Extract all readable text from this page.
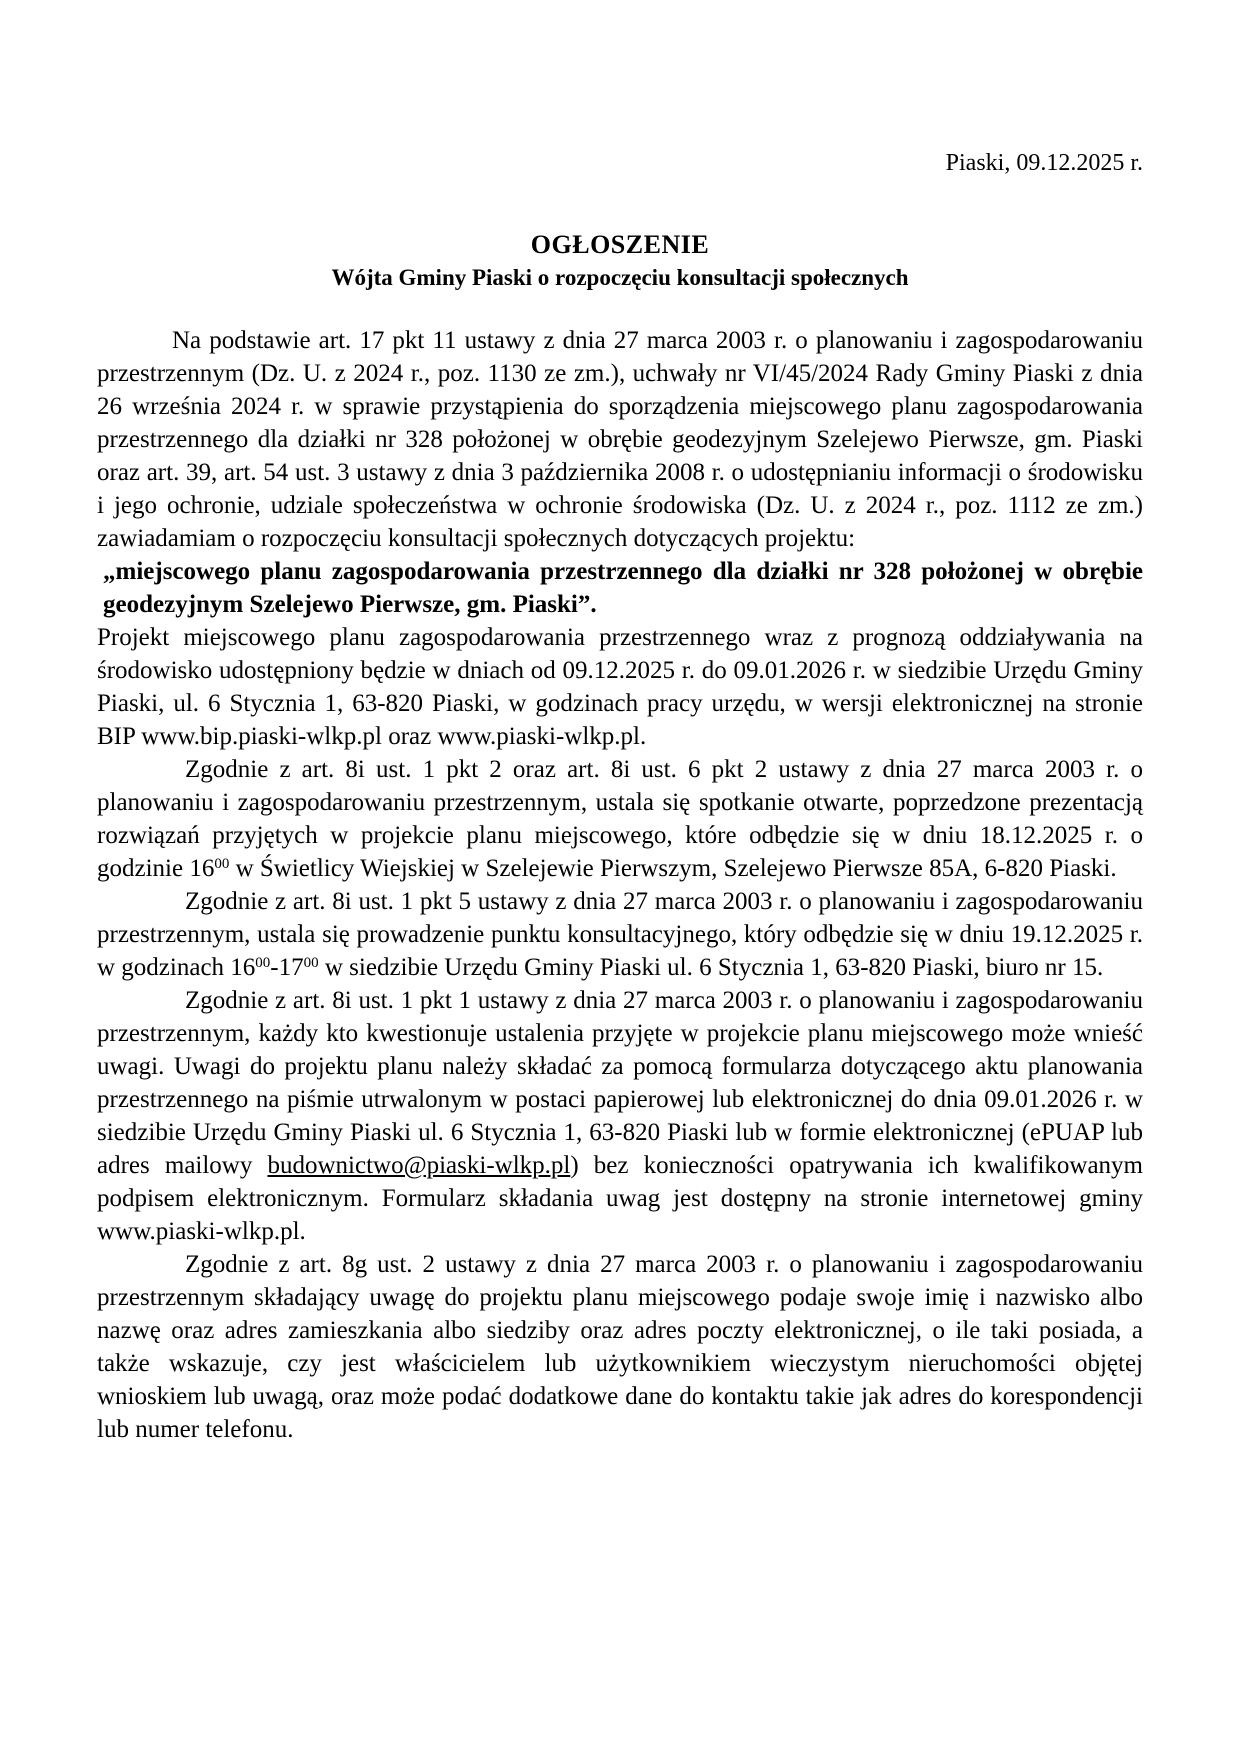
Piaski, 09.12.2025 r.
OGŁOSZENIE
Wójta Gminy Piaski o rozpoczęciu konsultacji społecznych

Na podstawie art. 17 pkt 11 ustawy z dnia 27 marca 2003 r. o planowaniu i zagospodarowaniu przestrzennym (Dz. U. z 2024 r., poz. 1130 ze zm.), uchwały nr VI/45/2024 Rady Gminy Piaski z dnia 26 września 2024 r. w sprawie przystąpienia do sporządzenia miejscowego planu zagospodarowania przestrzennego dla działki nr 328 położonej w obrębie geodezyjnym Szelejewo Pierwsze, gm. Piaski oraz art. 39, art. 54 ust. 3 ustawy z dnia 3 października 2008 r. o udostępnianiu informacji o środowisku i jego ochronie, udziale społeczeństwa w ochronie środowiska (Dz. U. z 2024 r., poz. 1112 ze zm.) zawiadamiam o rozpoczęciu konsultacji społecznych dotyczących projektu:

„miejscowego planu zagospodarowania przestrzennego dla działki nr 328 położonej w obrębie geodezyjnym Szelejewo Pierwsze, gm. Piaski”.

Projekt miejscowego planu zagospodarowania przestrzennego wraz z prognozą oddziaływania na środowisko udostępniony będzie w dniach od 09.12.2025 r. do 09.01.2026 r. w siedzibie Urzędu Gminy Piaski, ul. 6 Stycznia 1, 63-820 Piaski, w godzinach pracy urzędu, w wersji elektronicznej na stronie BIP www.bip.piaski-wlkp.pl oraz www.piaski-wlkp.pl.

Zgodnie z art. 8i ust. 1 pkt 2 oraz art. 8i ust. 6 pkt 2 ustawy z dnia 27 marca 2003 r. o planowaniu i zagospodarowaniu przestrzennym, ustala się spotkanie otwarte, poprzedzone prezentacją rozwiązań przyjętych w projekcie planu miejscowego, które odbędzie się w dniu 18.12.2025 r. o godzinie $16^{00}$ w Świetlicy Wiejskiej w Szelejewie Pierwszym, Szelejewo Pierwsze 85A, 6-820 Piaski.

Zgodnie z art. 8i ust. 1 pkt 5 ustawy z dnia 27 marca 2003 r. o planowaniu i zagospodarowaniu przestrzennym, ustala się prowadzenie punktu konsultacyjnego, który odbędzie się w dniu 19.12.2025 r. w godzinach $16^{00}-17^{00}$ w siedzibie Urzędu Gminy Piaski ul. 6 Stycznia 1, 63-820 Piaski, biuro nr 15.

Zgodnie z art. 8i ust. 1 pkt 1 ustawy z dnia 27 marca 2003 r. o planowaniu i zagospodarowaniu przestrzennym, każdy kto kwestionuje ustalenia przyjęte w projekcie planu miejscowego może wnieść uwagi. Uwagi do projektu planu należy składać za pomocą formularza dotyczącego aktu planowania przestrzennego na piśmie utrwalonym w postaci papierowej lub elektronicznej do dnia 09.01.2026 r. w siedzibie Urzędu Gminy Piaski ul. 6 Stycznia 1, 63-820 Piaski lub w formie elektronicznej (ePUAP lub adres mailowy budownictwo@piaski-wlkp.pl) bez konieczności opatrywania ich kwalifikowanym podpisem elektronicznym. Formularz składania uwag jest dostępny na stronie internetowej gminy www.piaski-wlkp.pl.

Zgodnie z art. 8g ust. 2 ustawy z dnia 27 marca 2003 r. o planowaniu i zagospodarowaniu przestrzennym składający uwagę do projektu planu miejscowego podaje swoje imię i nazwisko albo nazwę oraz adres zamieszkania albo siedziby oraz adres poczty elektronicznej, o ile taki posiada, a także wskazuje, czy jest właścicielem lub użytkownikiem wieczystym nieruchomości objętej wnioskiem lub uwagą, oraz może podać dodatkowe dane do kontaktu takie jak adres do korespondencji lub numer telefonu.
